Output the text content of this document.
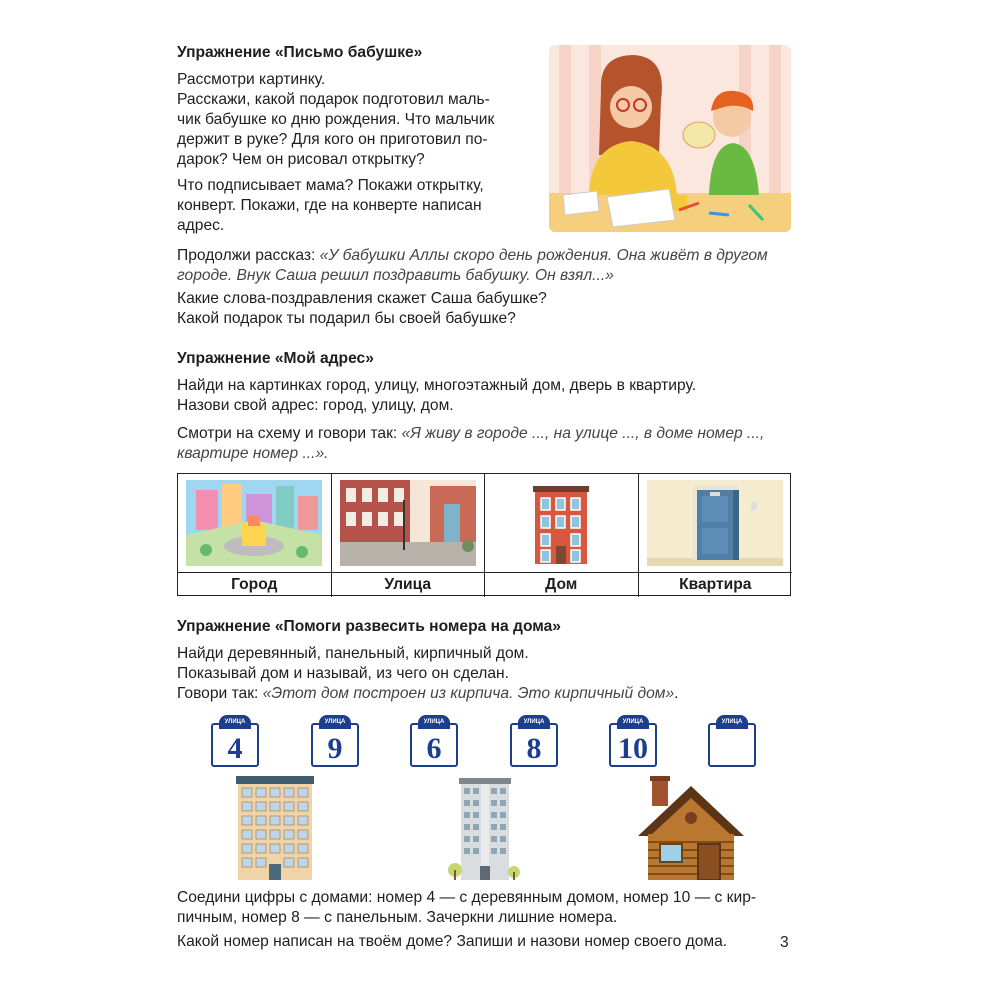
Упражнение «Письмо бабушке»
Рассмотри картинку.
Расскажи, какой подарок подготовил маль-
чик бабушке ко дню рождения. Что мальчик
держит в руке? Для кого он приготовил по-
дарок? Чем он рисовал открытку?
Что подписывает мама? Покажи открытку,
конверт. Покажи, где на конверте написан
адрес.
Продолжи рассказ: «У бабушки Аллы скоро день рождения. Она живёт в другом
городе. Внук Саша решил поздравить бабушку. Он взял...»
Какие слова-поздравления скажет Саша бабушке?
Какой подарок ты подарил бы своей бабушке?
Упражнение «Мой адрес»
Найди на картинках город, улицу, многоэтажный дом, дверь в квартиру.
Назови свой адрес: город, улицу, дом.
Смотри на схему и говори так: «Я живу в городе ..., на улице ..., в доме номер ...,
квартире номер ...».
Город	Улица	Дом	Квартира
Упражнение «Помоги развесить номера на дома»
Найди деревянный, панельный, кирпичный дом.
Показывай дом и называй, из чего он сделан.
Говори так: «Этот дом построен из кирпича. Это кирпичный дом».
4
УЛИЦА
9
УЛИЦА
6
УЛИЦА
8
УЛИЦА
10
УЛИЦА	УЛИЦА
Соедини цифры с домами: номер 4 — с деревянным домом, номер 10 — с кир-
пичным, номер 8 — с панельным. Зачеркни лишние номера.
Какой номер написан на твоём доме? Запиши и назови номер своего дома.	3
